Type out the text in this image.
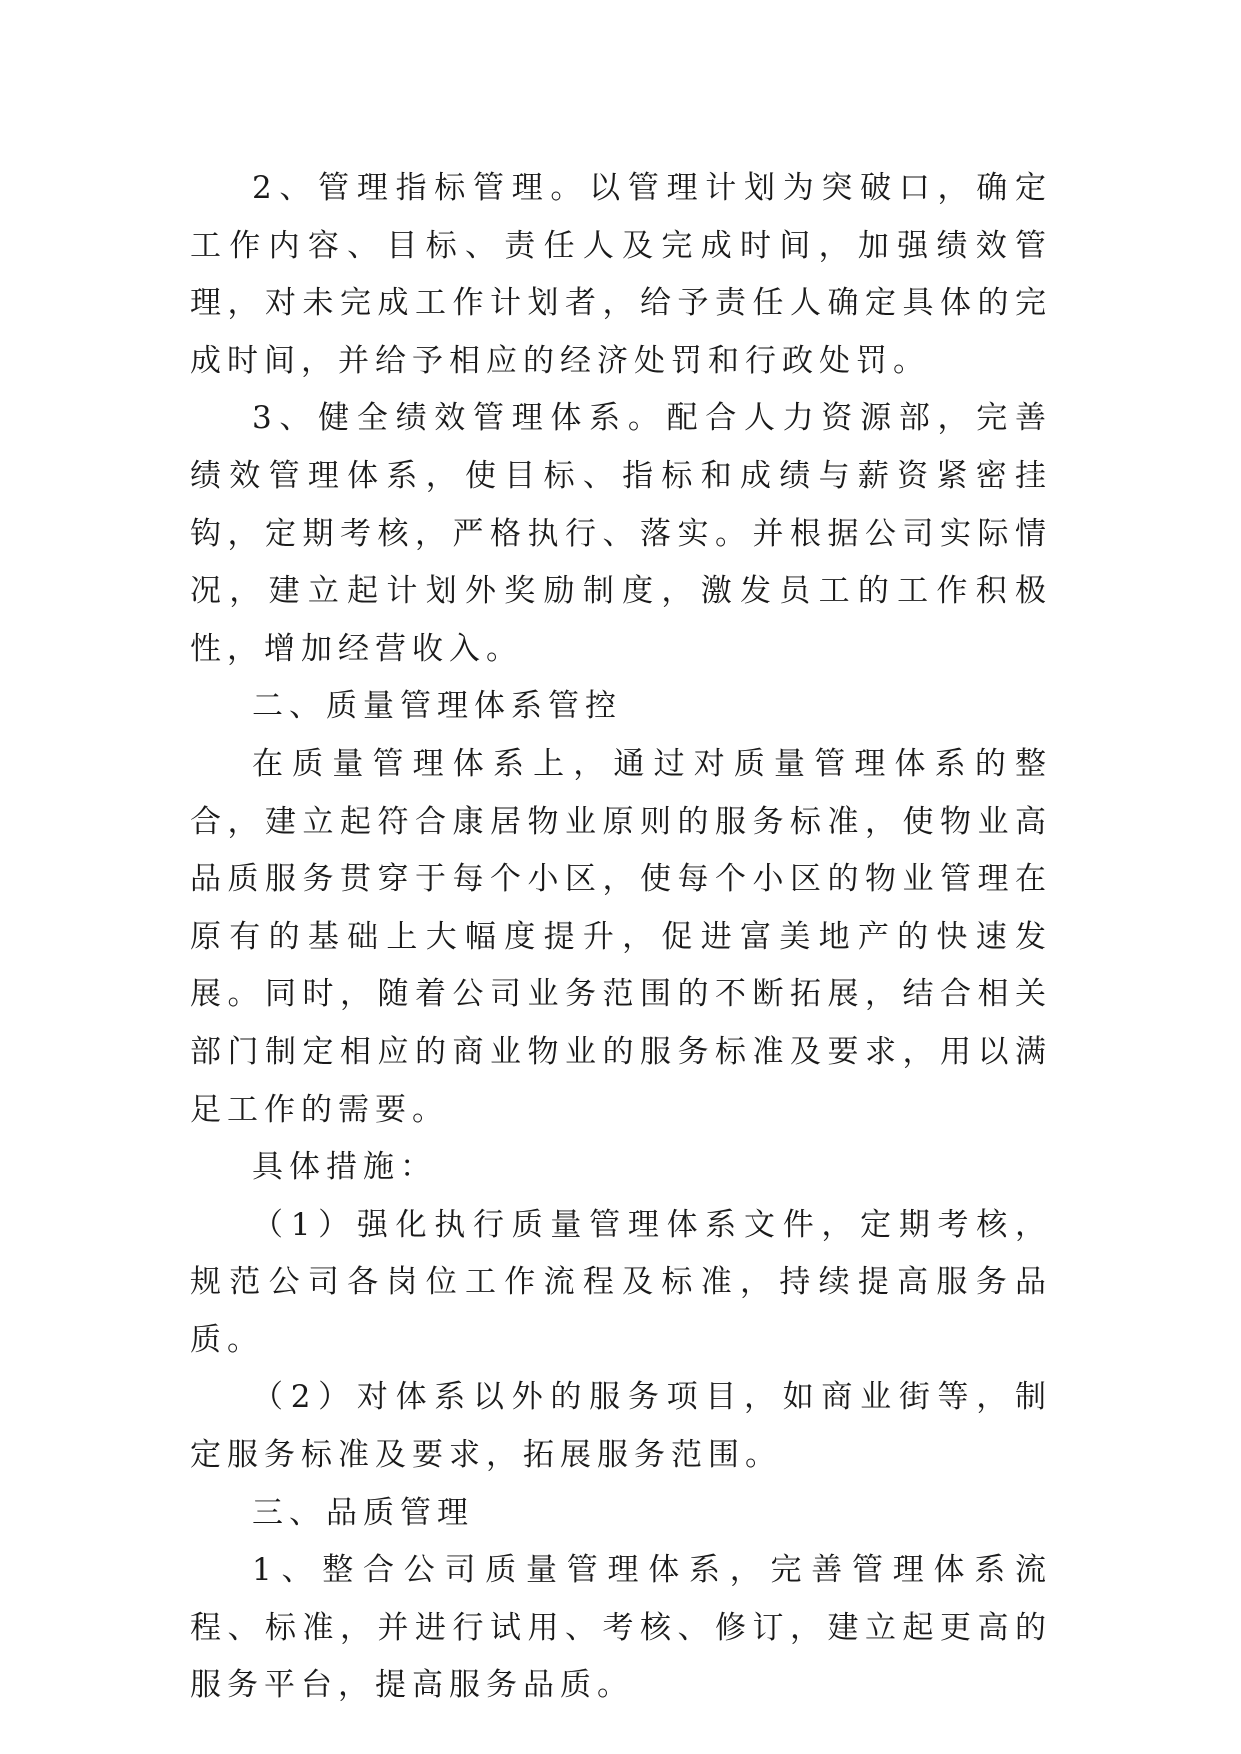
2、管理指标管理。以管理计划为突破口，确定工作内容、目标、责任人及完成时间，加强绩效管理，对未完成工作计划者，给予责任人确定具体的完成时间，并给予相应的经济处罚和行政处罚。

3、健全绩效管理体系。配合人力资源部，完善绩效管理体系，使目标、指标和成绩与薪资紧密挂钩，定期考核，严格执行、落实。并根据公司实际情况，建立起计划外奖励制度，激发员工的工作积极性，增加经营收入。

二、质量管理体系管控

在质量管理体系上，通过对质量管理体系的整合，建立起符合康居物业原则的服务标准，使物业高品质服务贯穿于每个小区，使每个小区的物业管理在原有的基础上大幅度提升，促进富美地产的快速发展。同时，随着公司业务范围的不断拓展，结合相关部门制定相应的商业物业的服务标准及要求，用以满足工作的需要。

具体措施：

（1）强化执行质量管理体系文件，定期考核，规范公司各岗位工作流程及标准，持续提高服务品质。

（2）对体系以外的服务项目，如商业街等，制定服务标准及要求，拓展服务范围。

三、品质管理

1、整合公司质量管理体系，完善管理体系流程、标准，并进行试用、考核、修订，建立起更高的服务平台，提高服务品质。
